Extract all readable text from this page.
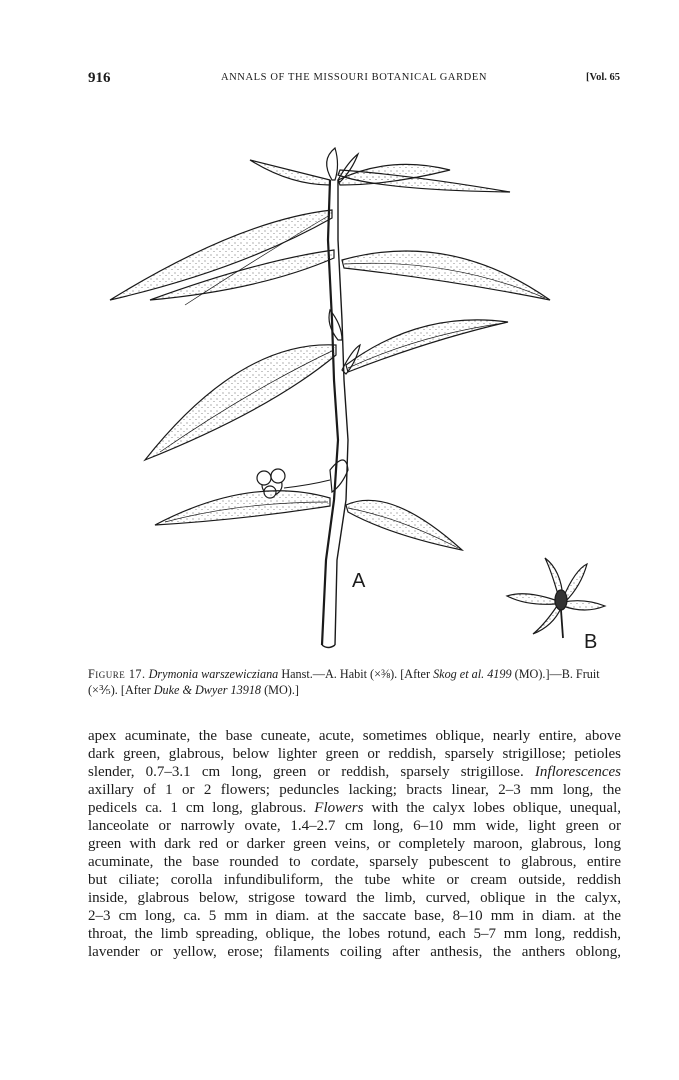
916	ANNALS OF THE MISSOURI BOTANICAL GARDEN	[Vol. 65
A
B
Figure 17. Drymonia warszewicziana Hanst.—A. Habit (×⅜). [After Skog et al. 4199 (MO).]—B. Fruit (×⅗). [After Duke & Dwyer 13918 (MO).]
apex acuminate, the base cuneate, acute, sometimes oblique, nearly entire, above
dark green, glabrous, below lighter green or reddish, sparsely strigillose; petioles
slender, 0.7–3.1 cm long, green or reddish, sparsely strigillose. Inflorescences
axillary of 1 or 2 flowers; peduncles lacking; bracts linear, 2–3 mm long, the
pedicels ca. 1 cm long, glabrous. Flowers with the calyx lobes oblique, unequal,
lanceolate or narrowly ovate, 1.4–2.7 cm long, 6–10 mm wide, light green or
green with dark red or darker green veins, or completely maroon, glabrous, long
acuminate, the base rounded to cordate, sparsely pubescent to glabrous, entire
but ciliate; corolla infundibuliform, the tube white or cream outside, reddish
inside, glabrous below, strigose toward the limb, curved, oblique in the calyx,
2–3 cm long, ca. 5 mm in diam. at the saccate base, 8–10 mm in diam. at the
throat, the limb spreading, oblique, the lobes rotund, each 5–7 mm long, reddish,
lavender or yellow, erose; filaments coiling after anthesis, the anthers oblong,
